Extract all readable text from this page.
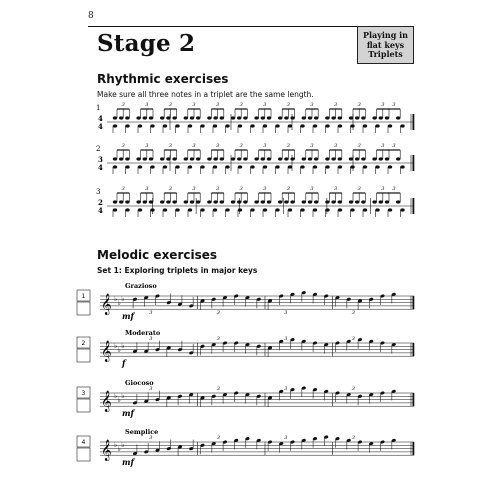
8
Stage 2	Playing in
flat keys
Triplets
Rhythmic exercises
Make sure all three notes in a triplet are the same length.
Melodic exercises
Set 1: Exploring triplets in major keys
1
4
4
3	3	3	3	3	3	3	3	3	3	3	3 3
2
3
4
3	3	3	3	3	3	3	3	3	3	3	3 3
3
2
4
3	3	3	3	3	3	3	3	3	3	3	3 3
1
Grazioso
𝄞 ♭ ♭ ♭
mf	3	3	3	3
2
Moderato
𝄞 ♭ ♭ ♭
f
3	3	3	3
3
Giocoso
𝄞 ♭ ♭ ♭
mf
3	3	3	3
4
Semplice
𝄞 ♭ ♭ ♭
mf
3	3	3	3
